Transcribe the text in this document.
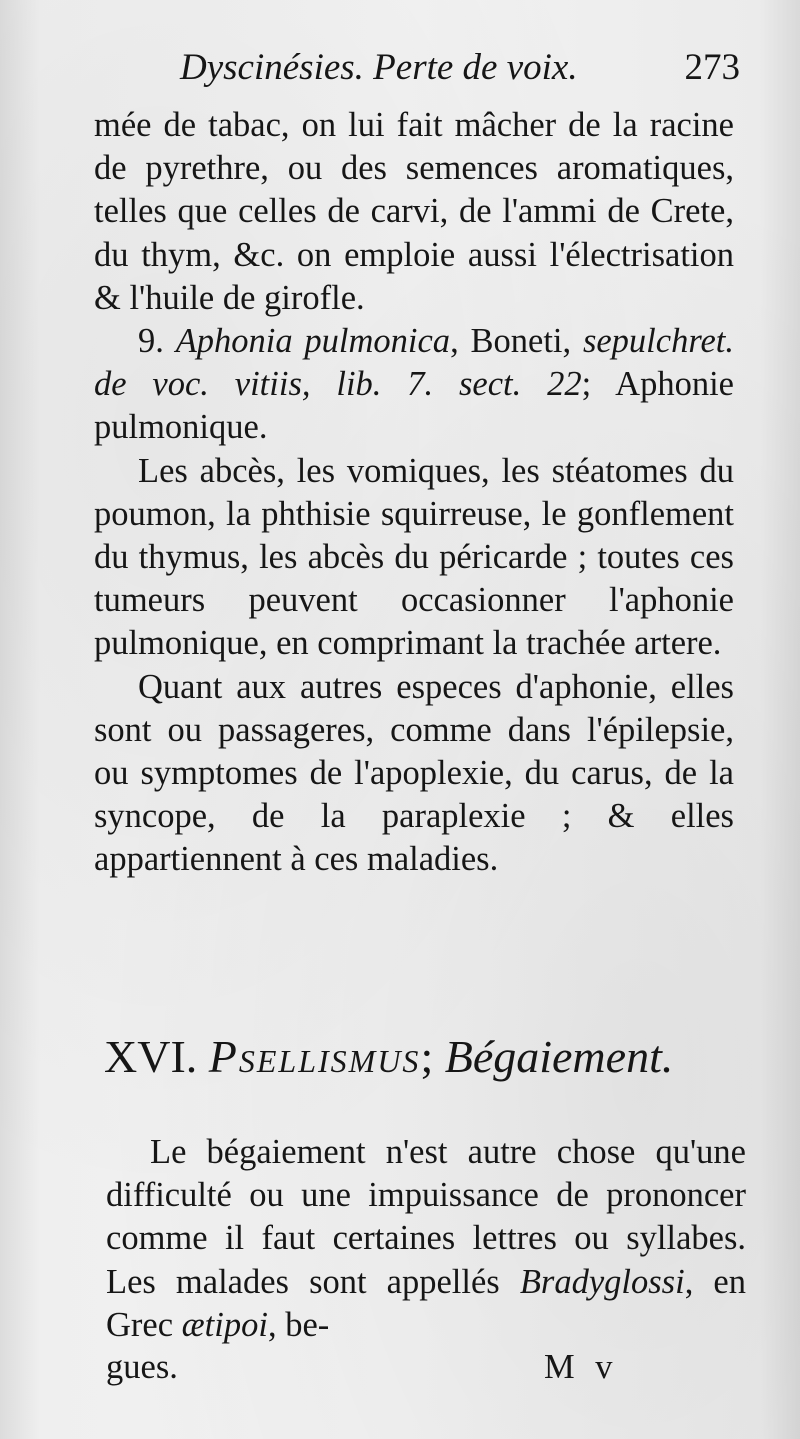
Dyscinésies. Perte de voix.	273

mée de tabac, on lui fait mâcher de la racine de pyrethre, ou des semences aromatiques, telles que celles de carvi, de l'ammi de Crete, du thym, &c. on emploie aussi l'électrisation & l'huile de girofle.

9. Aphonia pulmonica, Boneti, sepulchret. de voc. vitiis, lib. 7. sect. 22; Aphonie pulmonique.

Les abcès, les vomiques, les stéatomes du poumon, la phthisie squirreuse, le gonflement du thymus, les abcès du péricarde ; toutes ces tumeurs peuvent occasionner l'aphonie pulmonique, en comprimant la trachée artere.

Quant aux autres especes d'aphonie, elles sont ou passageres, comme dans l'épilepsie, ou symptomes de l'apoplexie, du carus, de la syncope, de la paraplexie ; & elles appartiennent à ces maladies.

XVI. Psellismus; Bégaiement.

Le bégaiement n'est autre chose qu'une difficulté ou une impuissance de prononcer comme il faut certaines lettres ou syllabes. Les malades sont appellés Bradyglossi, en Grec ætipoi, be-

gues.	M v
